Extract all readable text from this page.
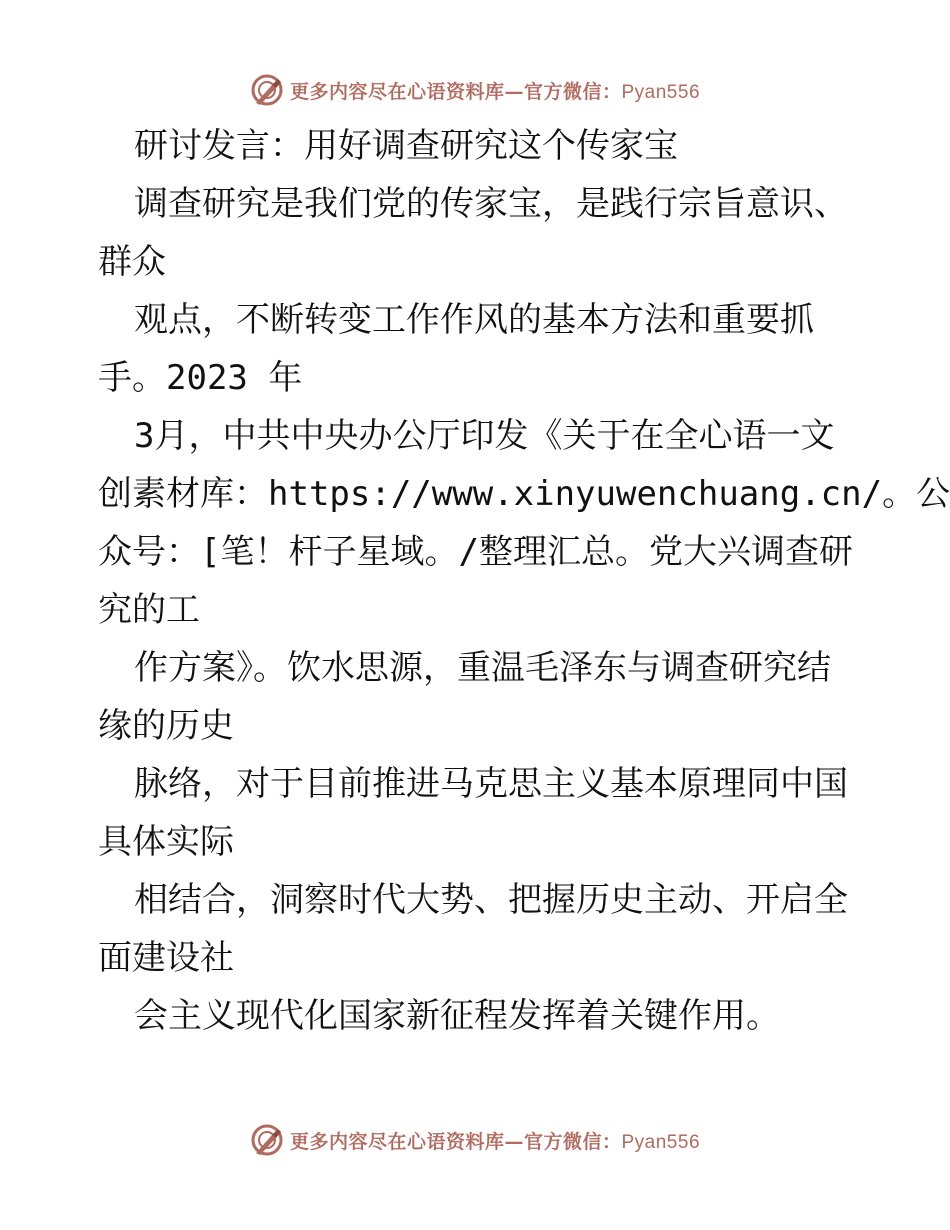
更多内容尽在心语资料库—官方微信：Pyan556
研讨发言：用好调查研究这个传家宝
调查研究是我们党的传家宝，是践行宗旨意识、
群众
观点，不断转变工作作风的基本方法和重要抓
手。2023 年
3月，中共中央办公厅印发《关于在全心语一文
创素材库：https://www.xinyuwenchuang.cn/。公
众号：[笔！杆子星域。/整理汇总。党大兴调查研
究的工
作方案》。饮水思源，重温毛泽东与调查研究结
缘的历史
脉络，对于目前推进马克思主义基本原理同中国
具体实际
相结合，洞察时代大势、把握历史主动、开启全
面建设社
会主义现代化国家新征程发挥着关键作用。
更多内容尽在心语资料库—官方微信：Pyan556
